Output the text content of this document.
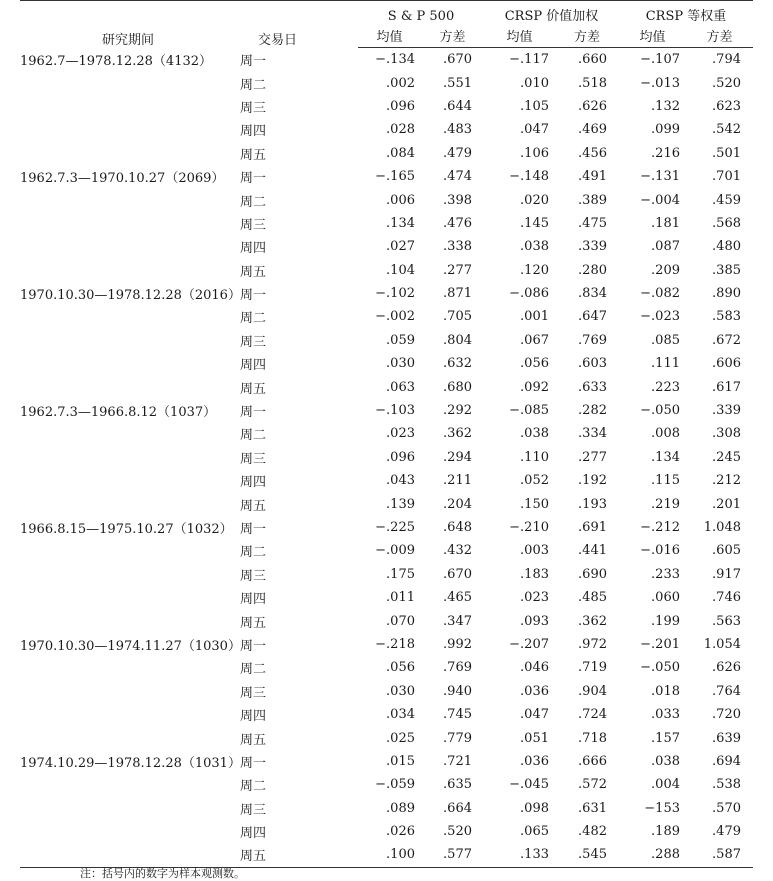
研究期间	交易日	S & P 500		CRSP 价值加权		CRSP 等权重	
		均值	方差	均值	方差	均值	方差
1962.7—1978.12.28（4132）	周一	−.134	.670	−.117	.660	−.107	.794
	周二	.002	.551	.010	.518	−.013	.520
	周三	.096	.644	.105	.626	.132	.623
	周四	.028	.483	.047	.469	.099	.542
	周五	.084	.479	.106	.456	.216	.501
1962.7.3—1970.10.27（2069）	周一	−.165	.474	−.148	.491	−.131	.701
	周二	.006	.398	.020	.389	−.004	.459
	周三	.134	.476	.145	.475	.181	.568
	周四	.027	.338	.038	.339	.087	.480
	周五	.104	.277	.120	.280	.209	.385
1970.10.30—1978.12.28（2016）	周一	−.102	.871	−.086	.834	−.082	.890
	周二	−.002	.705	.001	.647	−.023	.583
	周三	.059	.804	.067	.769	.085	.672
	周四	.030	.632	.056	.603	.111	.606
	周五	.063	.680	.092	.633	.223	.617
1962.7.3—1966.8.12（1037）	周一	−.103	.292	−.085	.282	−.050	.339
	周二	.023	.362	.038	.334	.008	.308
	周三	.096	.294	.110	.277	.134	.245
	周四	.043	.211	.052	.192	.115	.212
	周五	.139	.204	.150	.193	.219	.201
1966.8.15—1975.10.27（1032）	周一	−.225	.648	−.210	.691	−.212	1.048
	周二	−.009	.432	.003	.441	−.016	.605
	周三	.175	.670	.183	.690	.233	.917
	周四	.011	.465	.023	.485	.060	.746
	周五	.070	.347	.093	.362	.199	.563
1970.10.30—1974.11.27（1030）	周一	−.218	.992	−.207	.972	−.201	1.054
	周二	.056	.769	.046	.719	−.050	.626
	周三	.030	.940	.036	.904	.018	.764
	周四	.034	.745	.047	.724	.033	.720
	周五	.025	.779	.051	.718	.157	.639
1974.10.29—1978.12.28（1031）	周一	.015	.721	.036	.666	.038	.694
	周二	−.059	.635	−.045	.572	.004	.538
	周三	.089	.664	.098	.631	−153	.570
	周四	.026	.520	.065	.482	.189	.479
	周五	.100	.577	.133	.545	.288	.587
注：括号内的数字为样本观测数。
